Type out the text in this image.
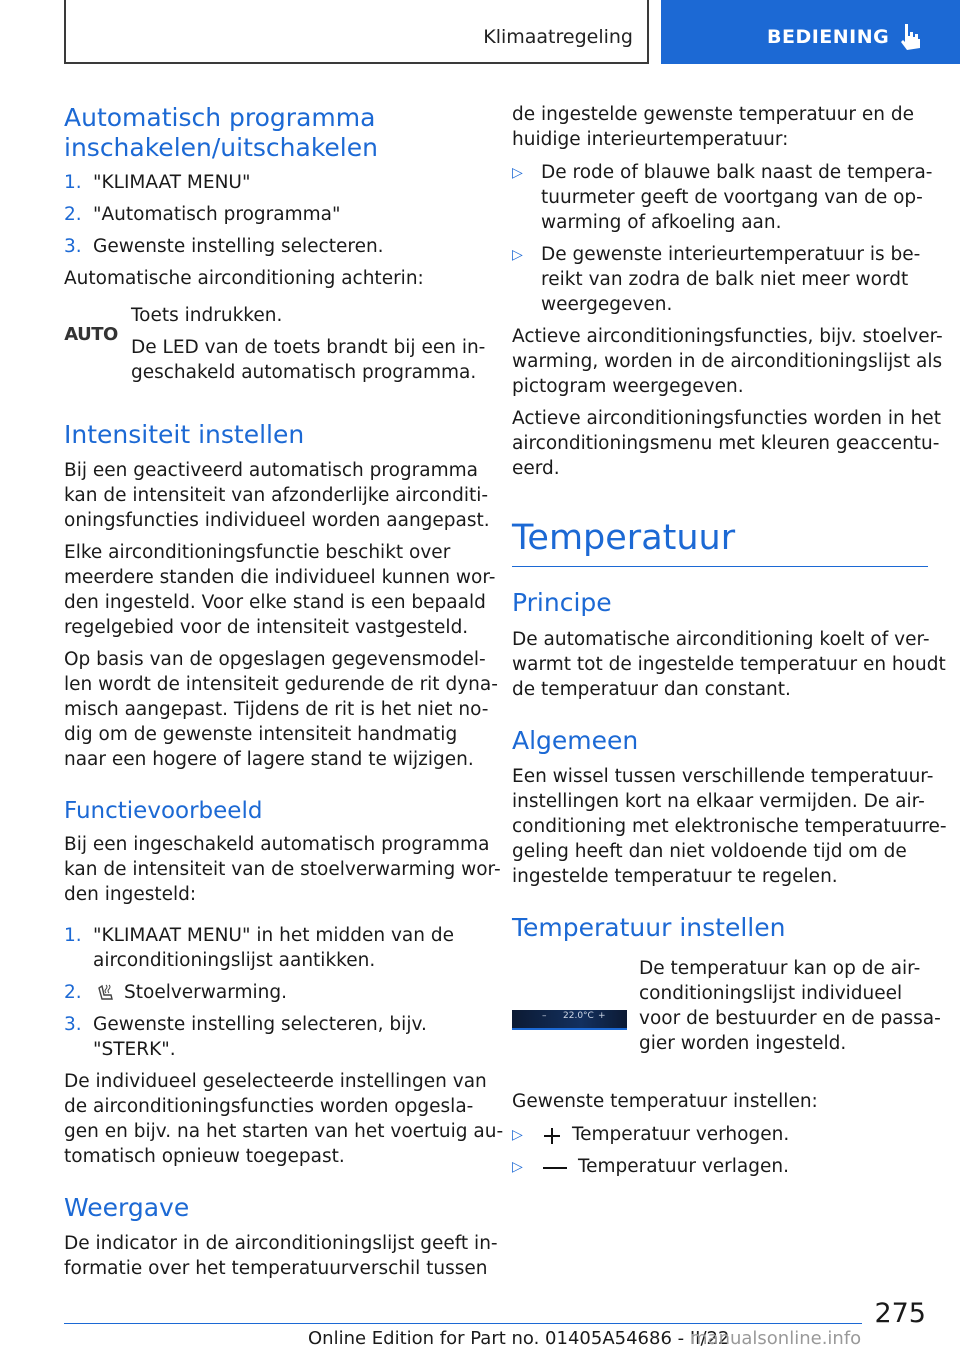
Klimaatregeling	BEDIENING
Automatisch programma
inschakelen/uitschakelen
1. "KLIMAAT MENU"
2. "Automatisch programma"
3. Gewenste instelling selecteren.
Automatische airconditioning achterin:
AUTO
Toets indrukken.
De LED van de toets brandt bij een in-
geschakeld automatisch programma.
Intensiteit instellen
Bij een geactiveerd automatisch programma
kan de intensiteit van afzonderlijke airconditi-
oningsfuncties individueel worden aangepast.
Elke airconditioningsfunctie beschikt over
meerdere standen die individueel kunnen wor-
den ingesteld. Voor elke stand is een bepaald
regelgebied voor de intensiteit vastgesteld.
Op basis van de opgeslagen gegevensmodel-
len wordt de intensiteit gedurende de rit dyna-
misch aangepast. Tijdens de rit is het niet no-
dig om de gewenste intensiteit handmatig
naar een hogere of lagere stand te wijzigen.
Functievoorbeeld
Bij een ingeschakeld automatisch programma
kan de intensiteit van de stoelverwarming wor-
den ingesteld:
1. "KLIMAAT MENU" in het midden van de
airconditioningslijst aantikken.
2. Stoelverwarming.
3. Gewenste instelling selecteren, bijv.
"STERK".
De individueel geselecteerde instellingen van
de airconditioningsfuncties worden opgesla-
gen en bijv. na het starten van het voertuig au-
tomatisch opnieuw toegepast.
Weergave
De indicator in de airconditioningslijst geeft in-
formatie over het temperatuurverschil tussen
de ingestelde gewenste temperatuur en de
huidige interieurtemperatuur:
▷ De rode of blauwe balk naast de tempera-
tuurmeter geeft de voortgang van de op-
warming of afkoeling aan.
▷ De gewenste interieurtemperatuur is be-
reikt van zodra de balk niet meer wordt
weergegeven.
Actieve airconditioningsfuncties, bijv. stoelver-
warming, worden in de airconditioningslijst als
pictogram weergegeven.
Actieve airconditioningsfuncties worden in het
airconditioningsmenu met kleuren geaccentu-
eerd.
Temperatuur
Principe
De automatische airconditioning koelt of ver-
warmt tot de ingestelde temperatuur en houdt
de temperatuur dan constant.
Algemeen
Een wissel tussen verschillende temperatuur-
instellingen kort na elkaar vermijden. De air-
conditioning met elektronische temperatuurre-
geling heeft dan niet voldoende tijd om de
ingestelde temperatuur te regelen.
Temperatuur instellen
– 22.0°C +
De temperatuur kan op de air-
conditioningslijst individueel
voor de bestuurder en de passa-
gier worden ingesteld.
Gewenste temperatuur instellen:
▷	Temperatuur verhogen.
▷	Temperatuur verlagen.
275
Online Edition for Part no. 01405A54686 - II/22
manualsonline.info
